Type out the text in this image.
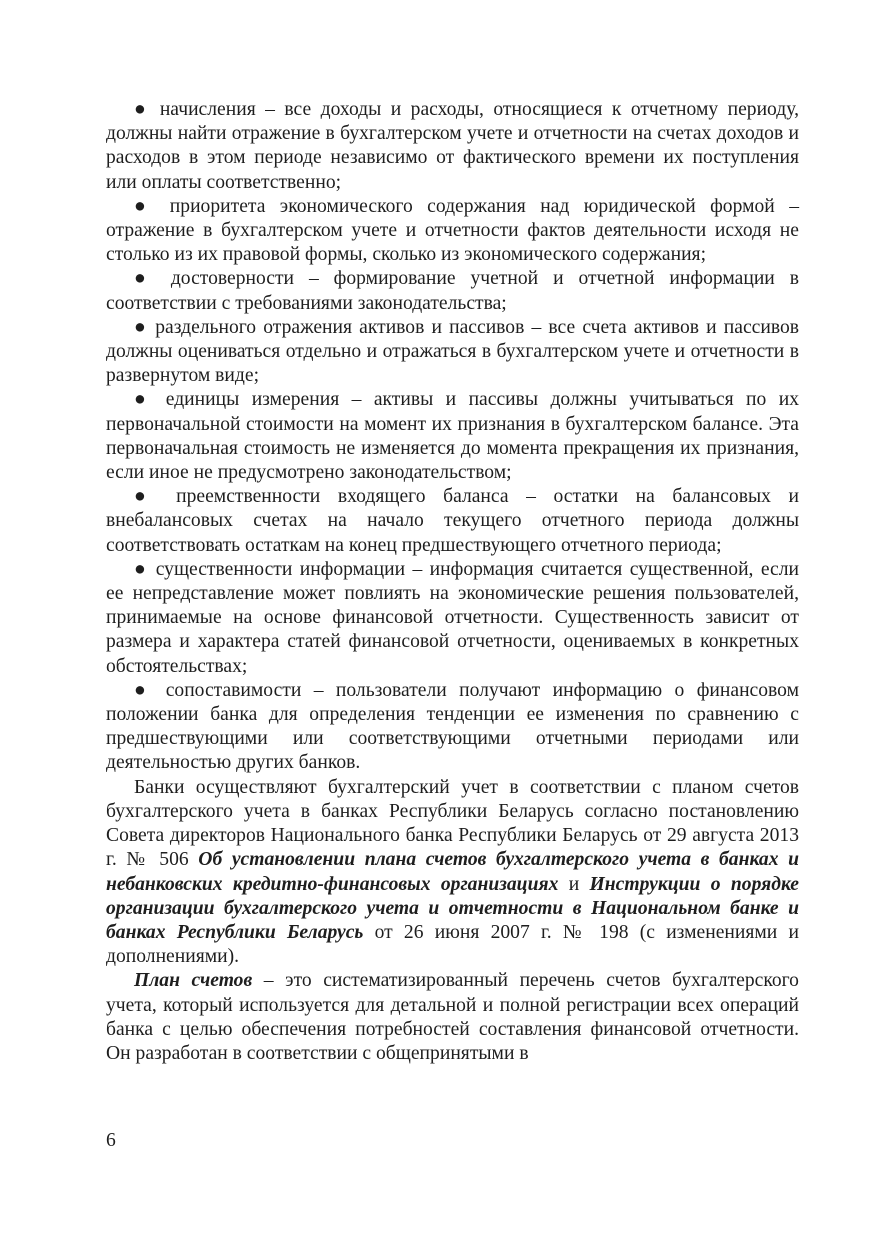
● начисления – все доходы и расходы, относящиеся к отчетному периоду, должны найти отражение в бухгалтерском учете и отчетности на счетах доходов и расходов в этом периоде независимо от фактического времени их поступления или оплаты соответственно;

● приоритета экономического содержания над юридической формой – отражение в бухгалтерском учете и отчетности фактов деятельности исходя не столько из их правовой формы, сколько из экономического содержания;

● достоверности – формирование учетной и отчетной информации в соответствии с требованиями законодательства;

● раздельного отражения активов и пассивов – все счета активов и пассивов должны оцениваться отдельно и отражаться в бухгалтерском учете и отчетности в развернутом виде;

● единицы измерения – активы и пассивы должны учитываться по их первоначальной стоимости на момент их признания в бухгалтерском балансе. Эта первоначальная стоимость не изменяется до момента прекращения их признания, если иное не предусмотрено законодательством;

● преемственности входящего баланса – остатки на балансовых и внебалансовых счетах на начало текущего отчетного периода должны соответствовать остаткам на конец предшествующего отчетного периода;

● существенности информации – информация считается существенной, если ее непредставление может повлиять на экономические решения пользователей, принимаемые на основе финансовой отчетности. Существенность зависит от размера и характера статей финансовой отчетности, оцениваемых в конкретных обстоятельствах;

● сопоставимости – пользователи получают информацию о финансовом положении банка для определения тенденции ее изменения по сравнению с предшествующими или соответствующими отчетными периодами или деятельностью других банков.

Банки осуществляют бухгалтерский учет в соответствии с планом счетов бухгалтерского учета в банках Республики Беларусь согласно постановлению Совета директоров Национального банка Республики Беларусь от 29 августа 2013 г. № 506 Об установлении плана счетов бухгалтерского учета в банках и небанковских кредитно-финансовых организациях и Инструкции о порядке организации бухгалтерского учета и отчетности в Национальном банке и банках Республики Беларусь от 26 июня 2007 г. № 198 (с изменениями и дополнениями).

План счетов – это систематизированный перечень счетов бухгалтерского учета, который используется для детальной и полной регистрации всех операций банка с целью обеспечения потребностей составления финансовой отчетности. Он разработан в соответствии с общепринятыми в

6
